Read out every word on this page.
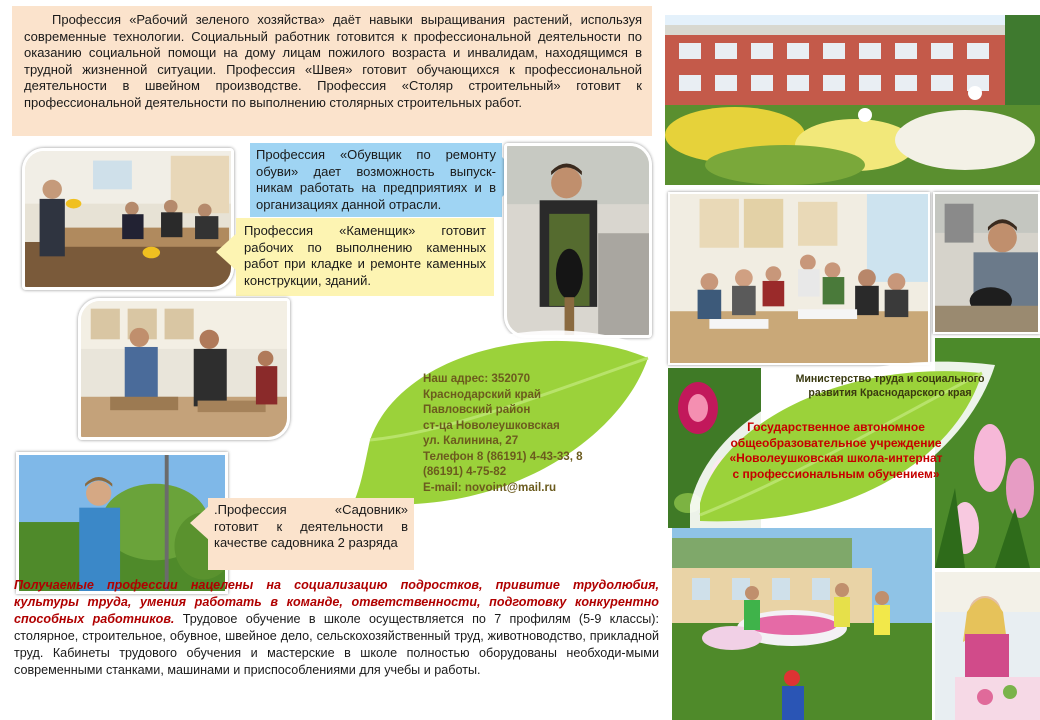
Профессия «Рабочий зеленого хозяйства» даёт навыки выращивания растений, используя современные технологии. Социальный работник готовится к профессиональной деятельности по оказанию социальной помощи на дому лицам пожилого возраста и инвалидам, находящимся в трудной жизненной ситуации. Профессия «Швея» готовит обучающихся к профессиональной деятельности в швейном производстве. Профессия «Столяр строительный» готовит к профессиональной деятельности по выполнению столярных строительных работ.

Профессия «Обувщик по ремонту обуви» дает возможность выпуск-никам работать на предприятиях и в организациях данной отрасли.
Профессия «Каменщик» готовит рабочих по выполнению каменных работ при кладке и ремонте каменных конструкции, зданий.
Наш адрес: 352070
Краснодарский край
Павловский район
ст-ца Новолеушковская
ул. Калинина, 27
Телефон 8 (86191) 4-43-33, 8 (86191) 4-75-82
E-mail: novoint@mail.ru
Министерство труда и социального
развития Краснодарского края
Государственное автономное
общеобразовательное учреждение
«Новолеушковская школа-интернат
с профессиональным обучением»
.Профессия «Садовник» готовит к деятельности в качестве садовника 2 разряда
Получаемые профессии нацелены на социализацию подростков, привитие трудолюбия, культуры труда, умения работать в команде, ответственности, подготовку конкурентно способных работников. Трудовое обучение в школе осуществляется по 7 профилям (5-9 классы): столярное, строительное, обувное, швейное дело, сельскохозяйственный труд, животноводство, прикладной труд. Кабинеты трудового обучения и мастерские в школе полностью оборудованы необходи-мыми современными станками, машинами и приспособлениями для учебы и работы.
